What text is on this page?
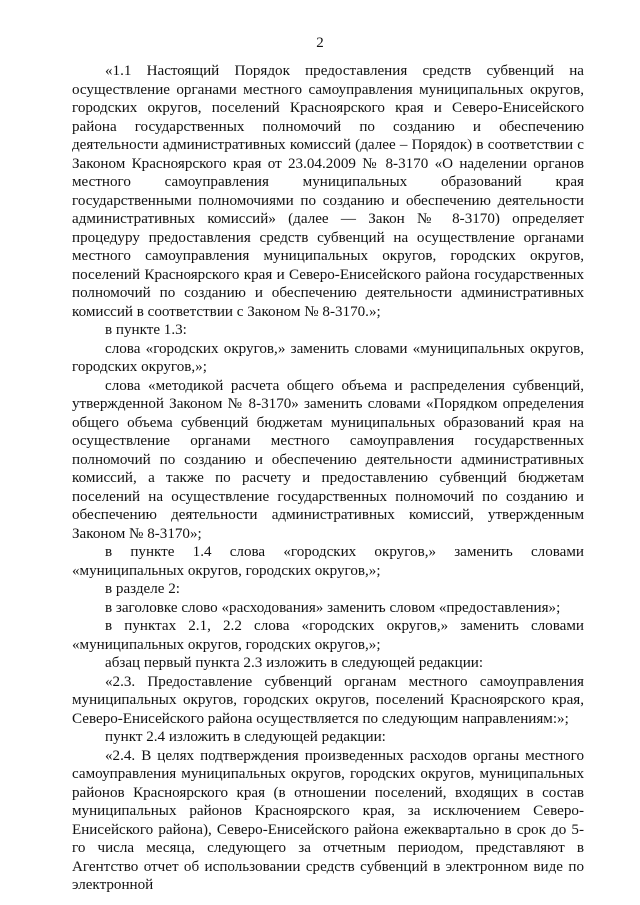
2

«1.1 Настоящий Порядок предоставления средств субвенций на осуществление органами местного самоуправления муниципальных округов, городских округов, поселений Красноярского края и Северо-Енисейского района государственных полномочий по созданию и обеспечению деятельности административных комиссий (далее – Порядок) в соответствии с Законом Красноярского края от 23.04.2009 № 8-3170 «О наделении органов местного самоуправления муниципальных образований края государственными полномочиями по созданию и обеспечению деятельности административных комиссий» (далее — Закон № 8-3170) определяет процедуру предоставления средств субвенций на осуществление органами местного самоуправления муниципальных округов, городских округов, поселений Красноярского края и Северо-Енисейского района государственных полномочий по созданию и обеспечению деятельности административных комиссий в соответствии с Законом № 8-3170.»;

в пункте 1.3:

слова «городских округов,» заменить словами «муниципальных округов, городских округов,»;

слова «методикой расчета общего объема и распределения субвенций, утвержденной Законом № 8-3170» заменить словами «Порядком определения общего объема субвенций бюджетам муниципальных образований края на осуществление органами местного самоуправления государственных полномочий по созданию и обеспечению деятельности административных комиссий, а также по расчету и предоставлению субвенций бюджетам поселений на осуществление государственных полномочий по созданию и обеспечению деятельности административных комиссий, утвержденным Законом № 8-3170»;

в пункте 1.4 слова «городских округов,» заменить словами «муниципальных округов, городских округов,»;

в разделе 2:

в заголовке слово «расходования» заменить словом «предоставления»;

в пунктах 2.1, 2.2 слова «городских округов,» заменить словами «муниципальных округов, городских округов,»;

абзац первый пункта 2.3 изложить в следующей редакции:

«2.3. Предоставление субвенций органам местного самоуправления муниципальных округов, городских округов, поселений Красноярского края, Северо-Енисейского района осуществляется по следующим направлениям:»;

пункт 2.4 изложить в следующей редакции:

«2.4. В целях подтверждения произведенных расходов органы местного самоуправления муниципальных округов, городских округов, муниципальных районов Красноярского края (в отношении поселений, входящих в состав муниципальных районов Красноярского края, за исключением Северо-Енисейского района), Северо-Енисейского района ежеквартально в срок до 5-го числа месяца, следующего за отчетным периодом, представляют в Агентство отчет об использовании средств субвенций в электронном виде по электронной
